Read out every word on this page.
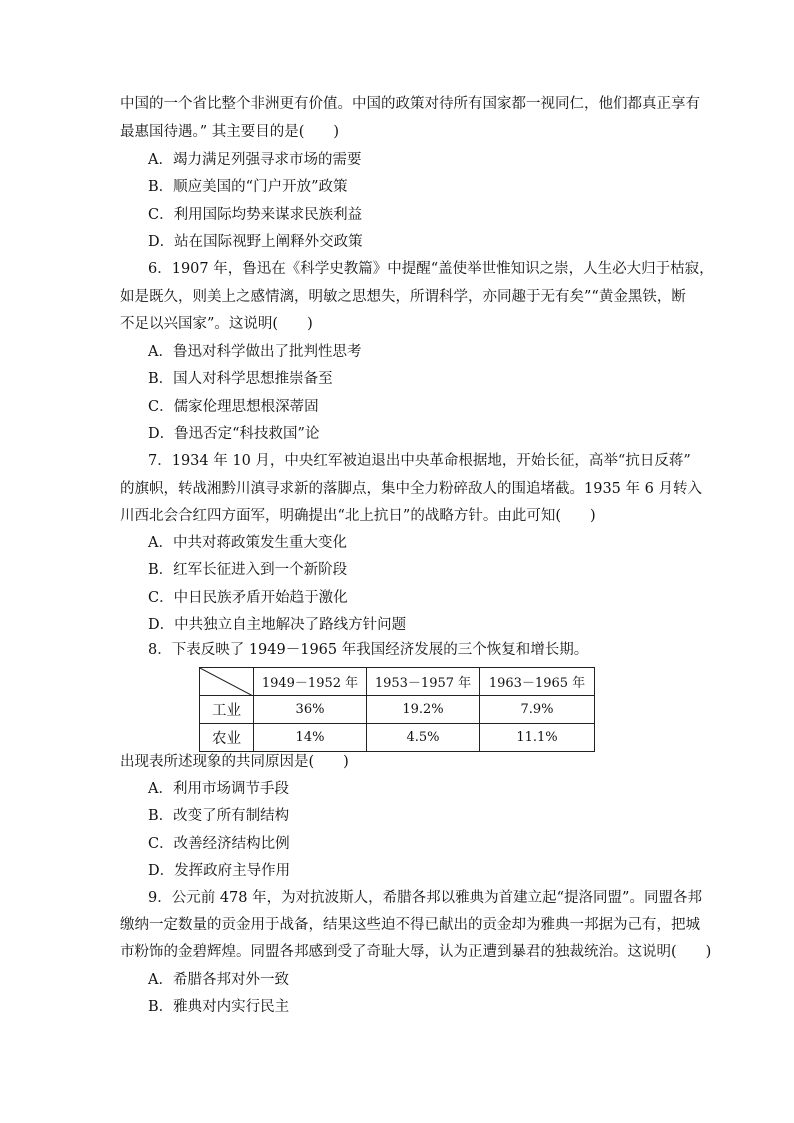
中国的一个省比整个非洲更有价值。中国的政策对待所有国家都一视同仁，他们都真正享有
最惠国待遇。” 其主要目的是(　　)
A．竭力满足列强寻求市场的需要
B．顺应美国的“门户开放”政策
C．利用国际均势来谋求民族利益
D．站在国际视野上阐释外交政策
6．1907 年，鲁迅在《科学史教篇》中提醒“盖使举世惟知识之崇，人生必大归于枯寂，
如是既久，则美上之感情漓，明敏之思想失，所谓科学，亦同趣于无有矣”“黄金黑铁，断
不足以兴国家”。这说明(　　)
A．鲁迅对科学做出了批判性思考
B．国人对科学思想推崇备至
C．儒家伦理思想根深蒂固
D．鲁迅否定“科技救国”论
7．1934 年 10 月，中央红军被迫退出中央革命根据地，开始长征，高举“抗日反蒋”
的旗帜，转战湘黔川滇寻求新的落脚点，集中全力粉碎敌人的围追堵截。1935 年 6 月转入
川西北会合红四方面军，明确提出“北上抗日”的战略方针。由此可知(　　)
A．中共对蒋政策发生重大变化
B．红军长征进入到一个新阶段
C．中日民族矛盾开始趋于激化
D．中共独立自主地解决了路线方针问题
8．下表反映了 1949－1965 年我国经济发展的三个恢复和增长期。
	1949－1952 年	1953－1957 年	1963－1965 年
工业	36%	19.2%	7.9%
农业	14%	4.5%	11.1%
出现表所述现象的共同原因是(　　)
A．利用市场调节手段
B．改变了所有制结构
C．改善经济结构比例
D．发挥政府主导作用
9．公元前 478 年，为对抗波斯人，希腊各邦以雅典为首建立起“提洛同盟”。同盟各邦
缴纳一定数量的贡金用于战备，结果这些迫不得已献出的贡金却为雅典一邦据为己有，把城
市粉饰的金碧辉煌。同盟各邦感到受了奇耻大辱，认为正遭到暴君的独裁统治。这说明(　　)
A．希腊各邦对外一致
B．雅典对内实行民主
